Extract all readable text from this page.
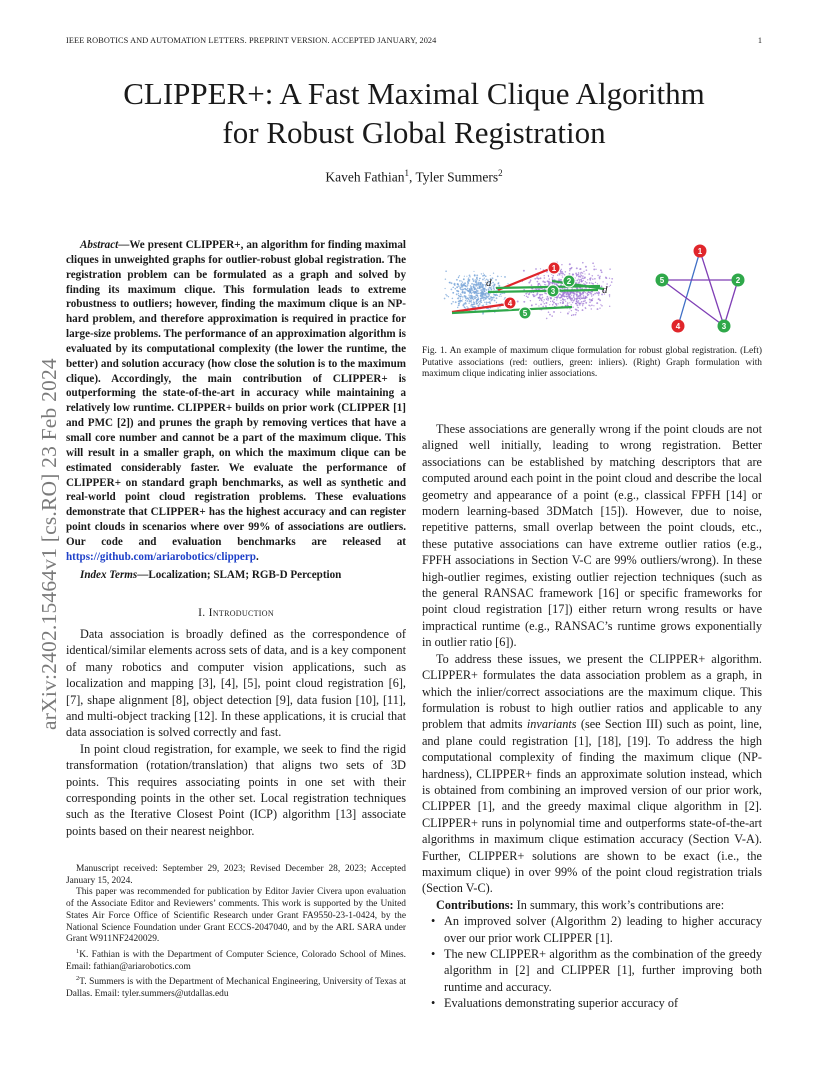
IEEE ROBOTICS AND AUTOMATION LETTERS. PREPRINT VERSION. ACCEPTED JANUARY, 2024	1
arXiv:2402.15464v1 [cs.RO] 23 Feb 2024
CLIPPER+: A Fast Maximal Clique Algorithm
for Robust Global Registration
Kaveh Fathian$^1$, Tyler Summers$^2$
Abstract—We present CLIPPER+, an algorithm for finding maximal cliques in unweighted graphs for outlier-robust global registration. The registration problem can be formulated as a graph and solved by finding its maximum clique. This formulation leads to extreme robustness to outliers; however, finding the maximum clique is an NP-hard problem, and therefore approximation is required in practice for large-size problems. The performance of an approximation algorithm is evaluated by its computational complexity (the lower the runtime, the better) and solution accuracy (how close the solution is to the maximum clique). Accordingly, the main contribution of CLIPPER+ is outperforming the state-of-the-art in accuracy while maintaining a relatively low runtime. CLIPPER+ builds on prior work (CLIPPER [1] and PMC [2]) and prunes the graph by removing vertices that have a small core number and cannot be a part of the maximum clique. This will result in a smaller graph, on which the maximum clique can be estimated considerably faster. We evaluate the performance of CLIPPER+ on standard graph benchmarks, as well as synthetic and real-world point cloud registration problems. These evaluations demonstrate that CLIPPER+ has the highest accuracy and can register point clouds in scenarios where over 99% of associations are outliers. Our code and evaluation benchmarks are released at https://github.com/ariarobotics/clipperp.
Index Terms—Localization; SLAM; RGB-D Perception
I. Introduction

Data association is broadly defined as the correspondence of identical/similar elements across sets of data, and is a key component of many robotics and computer vision applications, such as localization and mapping [3], [4], [5], point cloud registration [6], [7], shape alignment [8], object detection [9], data fusion [10], [11], and multi-object tracking [12]. In these applications, it is crucial that data association is solved correctly and fast.

In point cloud registration, for example, we seek to find the rigid transformation (rotation/translation) that aligns two sets of 3D points. This requires associating points in one set with their corresponding points in the other set. Local registration techniques such as the Iterative Closest Point (ICP) algorithm [13] associate points based on their nearest neighbor.

Manuscript received: September 29, 2023; Revised December 28, 2023; Accepted January 15, 2024.

This paper was recommended for publication by Editor Javier Civera upon evaluation of the Associate Editor and Reviewers’ comments. This work is supported by the United States Air Force Office of Scientific Research under Grant FA9550-23-1-0424, by the National Science Foundation under Grant ECCS-2047040, and by the ARL SARA under Grant W911NF2420029.

$^1$K. Fathian is with the Department of Computer Science, Colorado School of Mines. Email: fathian@ariarobotics.com

$^2$T. Summers is with the Department of Mechanical Engineering, University of Texas at Dallas. Email: tyler.summers@utdallas.edu

d
d
1
2
3
4
5
1
2
3
4
5
Fig. 1. An example of maximum clique formulation for robust global registration. (Left) Putative associations (red: outliers, green: inliers). (Right) Graph formulation with maximum clique indicating inlier associations.

These associations are generally wrong if the point clouds are not aligned well initially, leading to wrong registration. Better associations can be established by matching descriptors that are computed around each point in the point cloud and describe the local geometry and appearance of a point (e.g., classical FPFH [14] or modern learning-based 3DMatch [15]). However, due to noise, repetitive patterns, small overlap between the point clouds, etc., these putative associations can have extreme outlier ratios (e.g., FPFH associations in Section V-C are 99% outliers/wrong). In these high-outlier regimes, existing outlier rejection techniques (such as the general RANSAC framework [16] or specific frameworks for point cloud registration [17]) either return wrong results or have impractical runtime (e.g., RANSAC’s runtime grows exponentially in outlier ratio [6]).

To address these issues, we present the CLIPPER+ algorithm. CLIPPER+ formulates the data association problem as a graph, in which the inlier/correct associations are the maximum clique. This formulation is robust to high outlier ratios and applicable to any problem that admits invariants (see Section III) such as point, line, and plane could registration [1], [18], [19]. To address the high computational complexity of finding the maximum clique (NP-hardness), CLIPPER+ finds an approximate solution instead, which is obtained from combining an improved version of our prior work, CLIPPER [1], and the greedy maximal clique algorithm in [2]. CLIPPER+ runs in polynomial time and outperforms state-of-the-art algorithms in maximum clique estimation accuracy (Section V-A). Further, CLIPPER+ solutions are shown to be exact (i.e., the maximum clique) in over 99% of the point cloud registration trials (Section V-C).

Contributions: In summary, this work’s contributions are:

• An improved solver (Algorithm 2) leading to higher accuracy over our prior work CLIPPER [1].
• The new CLIPPER+ algorithm as the combination of the greedy algorithm in [2] and CLIPPER [1], further improving both runtime and accuracy.
• Evaluations demonstrating superior accuracy of
